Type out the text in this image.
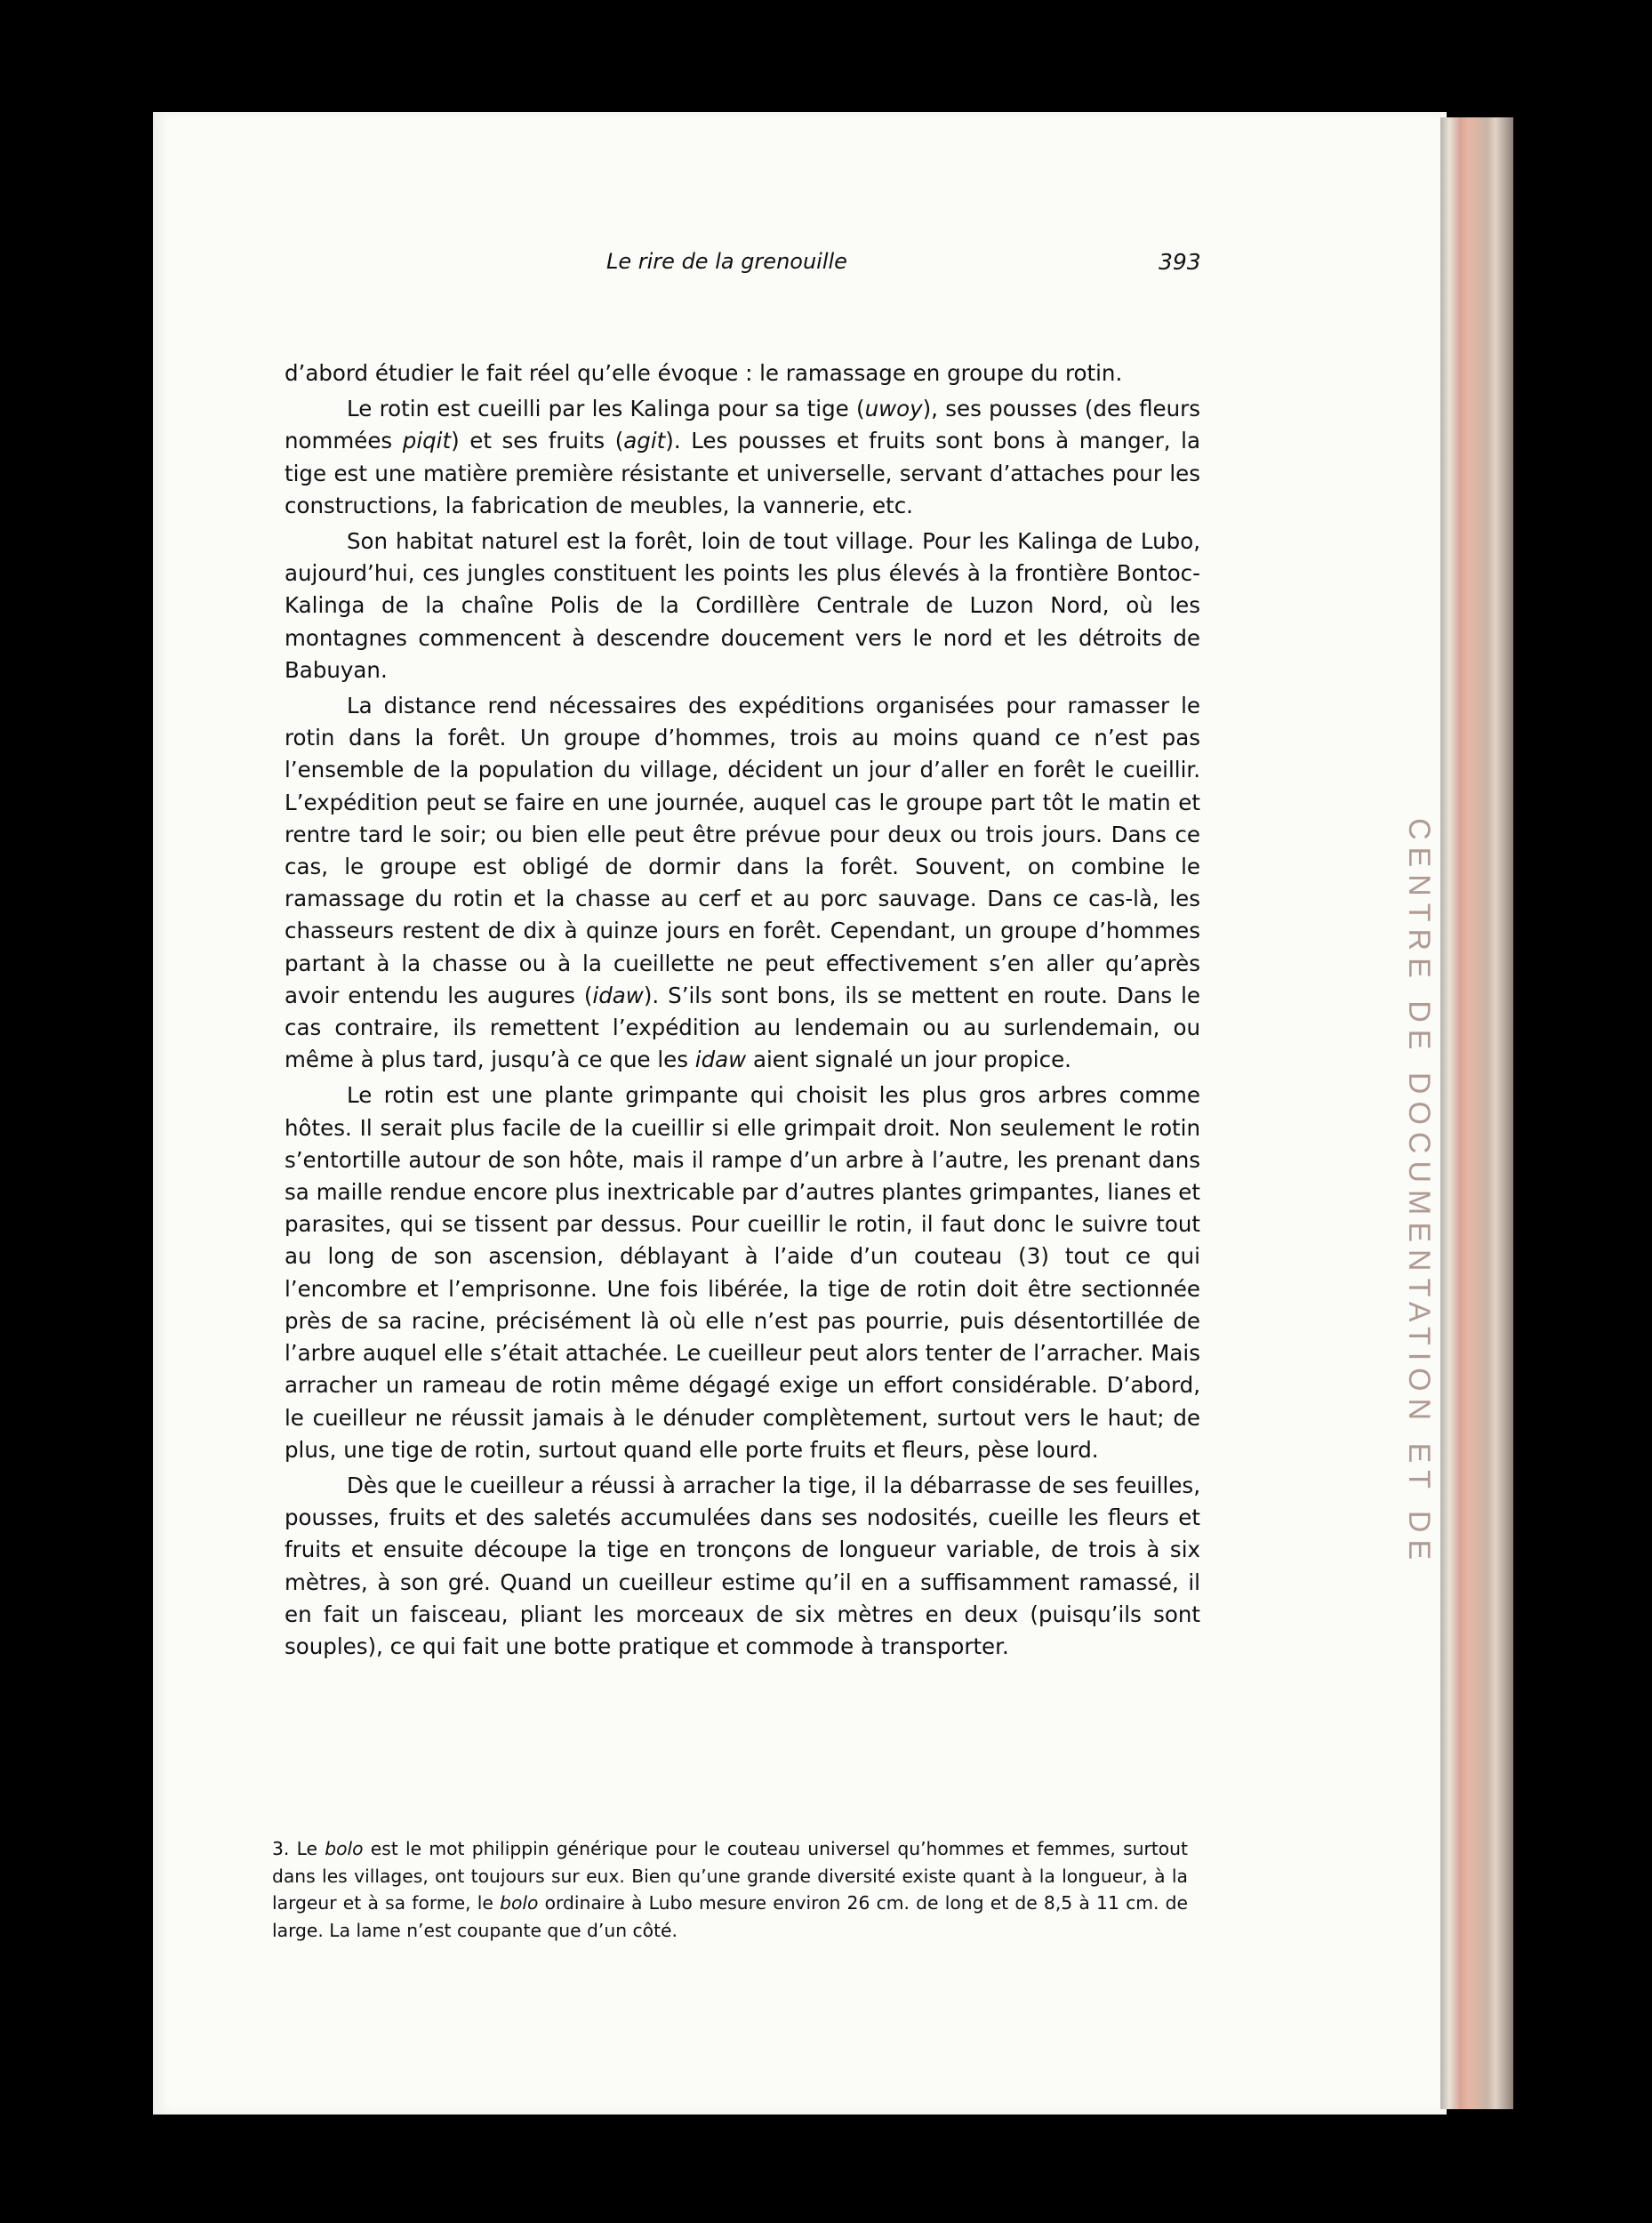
CENTRE DE DOCUMENTATION ET DE
Le rire de la grenouille	393

d’abord étudier le fait réel qu’elle évoque : le ramassage en groupe du rotin.

Le rotin est cueilli par les Kalinga pour sa tige (uwoy), ses pousses (des fleurs nommées piqit) et ses fruits (agit). Les pousses et fruits sont bons à manger, la tige est une matière première résistante et universelle, servant d’attaches pour les constructions, la fabrication de meubles, la vannerie, etc.

Son habitat naturel est la forêt, loin de tout village. Pour les Kalinga de Lubo, aujourd’hui, ces jungles constituent les points les plus élevés à la frontière Bontoc-Kalinga de la chaîne Polis de la Cordillère Centrale de Luzon Nord, où les montagnes commencent à descendre doucement vers le nord et les détroits de Babuyan.

La distance rend nécessaires des expéditions organisées pour ramasser le rotin dans la forêt. Un groupe d’hommes, trois au moins quand ce n’est pas l’ensemble de la population du village, décident un jour d’aller en forêt le cueillir. L’expédition peut se faire en une journée, auquel cas le groupe part tôt le matin et rentre tard le soir; ou bien elle peut être prévue pour deux ou trois jours. Dans ce cas, le groupe est obligé de dormir dans la forêt. Souvent, on combine le ramassage du rotin et la chasse au cerf et au porc sauvage. Dans ce cas-là, les chasseurs restent de dix à quinze jours en forêt. Cependant, un groupe d’hommes partant à la chasse ou à la cueillette ne peut effectivement s’en aller qu’après avoir entendu les augures (idaw). S’ils sont bons, ils se mettent en route. Dans le cas contraire, ils remettent l’expédition au lendemain ou au surlendemain, ou même à plus tard, jusqu’à ce que les idaw aient signalé un jour propice.

Le rotin est une plante grimpante qui choisit les plus gros arbres comme hôtes. Il serait plus facile de la cueillir si elle grimpait droit. Non seulement le rotin s’entortille autour de son hôte, mais il rampe d’un arbre à l’autre, les prenant dans sa maille rendue encore plus inextricable par d’autres plantes grimpantes, lianes et parasites, qui se tissent par dessus. Pour cueillir le rotin, il faut donc le suivre tout au long de son ascension, déblayant à l’aide d’un couteau (3) tout ce qui l’encombre et l’emprisonne. Une fois libérée, la tige de rotin doit être sectionnée près de sa racine, précisément là où elle n’est pas pourrie, puis désentortillée de l’arbre auquel elle s’était attachée. Le cueilleur peut alors tenter de l’arracher. Mais arracher un rameau de rotin même dégagé exige un effort considérable. D’abord, le cueilleur ne réussit jamais à le dénuder complètement, surtout vers le haut; de plus, une tige de rotin, surtout quand elle porte fruits et fleurs, pèse lourd.

Dès que le cueilleur a réussi à arracher la tige, il la débarrasse de ses feuilles, pousses, fruits et des saletés accumulées dans ses nodosités, cueille les fleurs et fruits et ensuite découpe la tige en tronçons de longueur variable, de trois à six mètres, à son gré. Quand un cueilleur estime qu’il en a suffisamment ramassé, il en fait un faisceau, pliant les morceaux de six mètres en deux (puisqu’ils sont souples), ce qui fait une botte pratique et commode à transporter.

3. Le bolo est le mot philippin générique pour le couteau universel qu’hommes et femmes, surtout dans les villages, ont toujours sur eux. Bien qu’une grande diversité existe quant à la longueur, à la largeur et à sa forme, le bolo ordinaire à Lubo mesure environ 26 cm. de long et de 8,5 à 11 cm. de large. La lame n’est coupante que d’un côté.
